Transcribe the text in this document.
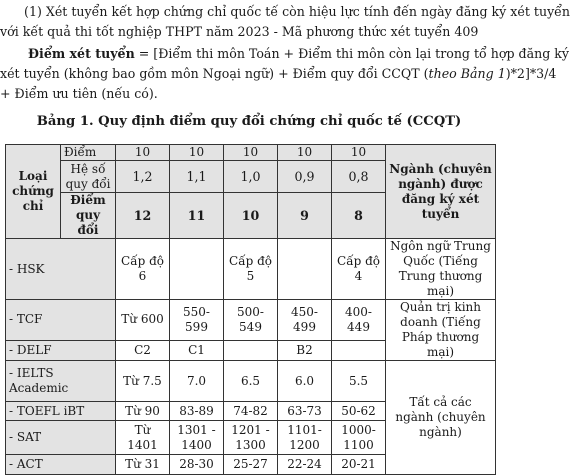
(1) Xét tuyển kết hợp chứng chỉ quốc tế còn hiệu lực tính đến ngày đăng ký xét tuyển
với kết quả thi tốt nghiệp THPT năm 2023 - Mã phương thức xét tuyển 409

Điểm xét tuyển = [Điểm thi môn Toán + Điểm thi môn còn lại trong tổ hợp đăng ký
xét tuyển (không bao gồm môn Ngoại ngữ) + Điểm quy đổi CCQT (theo Bảng 1)*2]*3/4
+ Điểm ưu tiên (nếu có).

Bảng 1. Quy định điểm quy đổi chứng chỉ quốc tế (CCQT)

Loại chứng chỉ	Điểm	10	10	10	10	10	Ngành (chuyên ngành) được đăng ký xét tuyển
	Hệ số quy đổi	1,2	1,1	1,0	0,9	0,8	
	Điểm quy đổi	12	11	10	9	8	
- HSK		Cấp độ 6		Cấp độ 5		Cấp độ 4	Ngôn ngữ Trung Quốc (Tiếng Trung thương mại)
- TCF		Từ 600	550-599	500-549	450-499	400-449	Quản trị kinh doanh (Tiếng Pháp thương mại)
- DELF		C2	C1		B2		
- IELTS Academic		Từ 7.5	7.0	6.5	6.0	5.5	Tất cả các ngành (chuyên ngành)
- TOEFL iBT		Từ 90	83-89	74-82	63-73	50-62	
- SAT		Từ 1401	1301 - 1400	1201 - 1300	1101-1200	1000-1100	
- ACT		Từ 31	28-30	25-27	22-24	20-21	
